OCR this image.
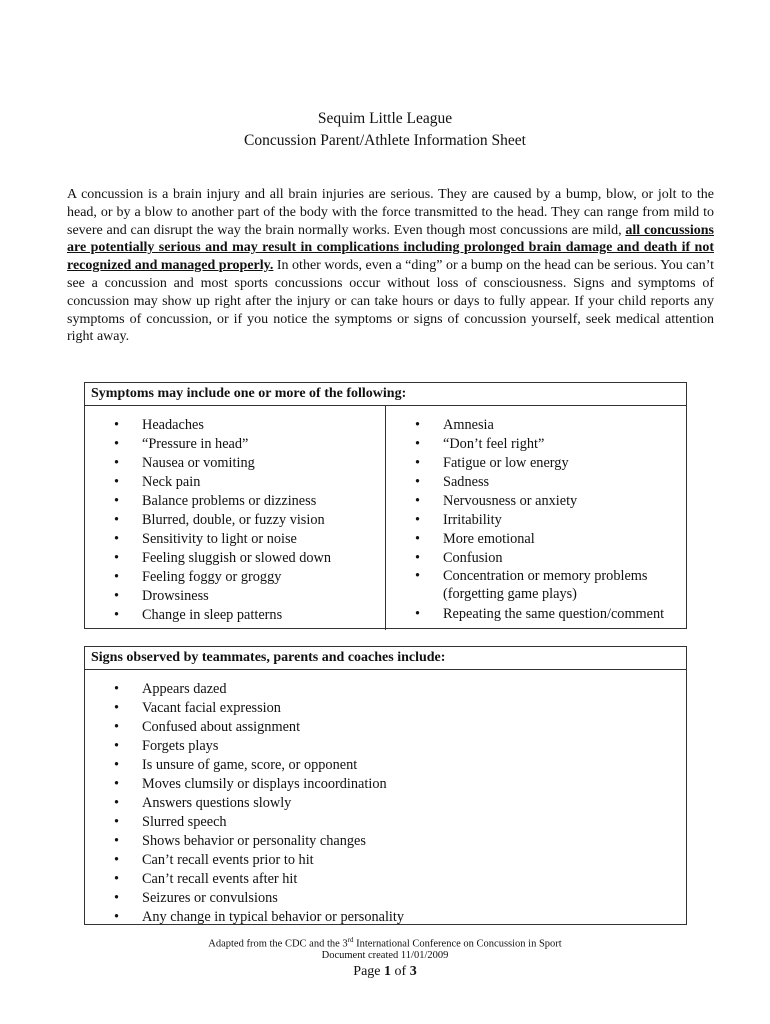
Sequim Little League
Concussion Parent/Athlete Information Sheet

A concussion is a brain injury and all brain injuries are serious. They are caused by a bump, blow, or jolt to the head, or by a blow to another part of the body with the force transmitted to the head. They can range from mild to severe and can disrupt the way the brain normally works. Even though most concussions are mild, all concussions are potentially serious and may result in complications including prolonged brain damage and death if not recognized and managed properly. In other words, even a “ding” or a bump on the head can be serious. You can’t see a concussion and most sports concussions occur without loss of consciousness. Signs and symptoms of concussion may show up right after the injury or can take hours or days to fully appear. If your child reports any symptoms of concussion, or if you notice the symptoms or signs of concussion yourself, seek medical attention right away.

Symptoms may include one or more of the following:
• Headaches
• “Pressure in head”
• Nausea or vomiting
• Neck pain
• Balance problems or dizziness
• Blurred, double, or fuzzy vision
• Sensitivity to light or noise
• Feeling sluggish or slowed down
• Feeling foggy or groggy
• Drowsiness
• Change in sleep patterns
• Amnesia
• “Don’t feel right”
• Fatigue or low energy
• Sadness
• Nervousness or anxiety
• Irritability
• More emotional
• Confusion
• Concentration or memory problems (forgetting game plays)
• Repeating the same question/comment
Signs observed by teammates, parents and coaches include:
• Appears dazed
• Vacant facial expression
• Confused about assignment
• Forgets plays
• Is unsure of game, score, or opponent
• Moves clumsily or displays incoordination
• Answers questions slowly
• Slurred speech
• Shows behavior or personality changes
• Can’t recall events prior to hit
• Can’t recall events after hit
• Seizures or convulsions
• Any change in typical behavior or personality
Adapted from the CDC and the 3rd International Conference on Concussion in Sport
Document created 11/01/2009
Page 1 of 3
